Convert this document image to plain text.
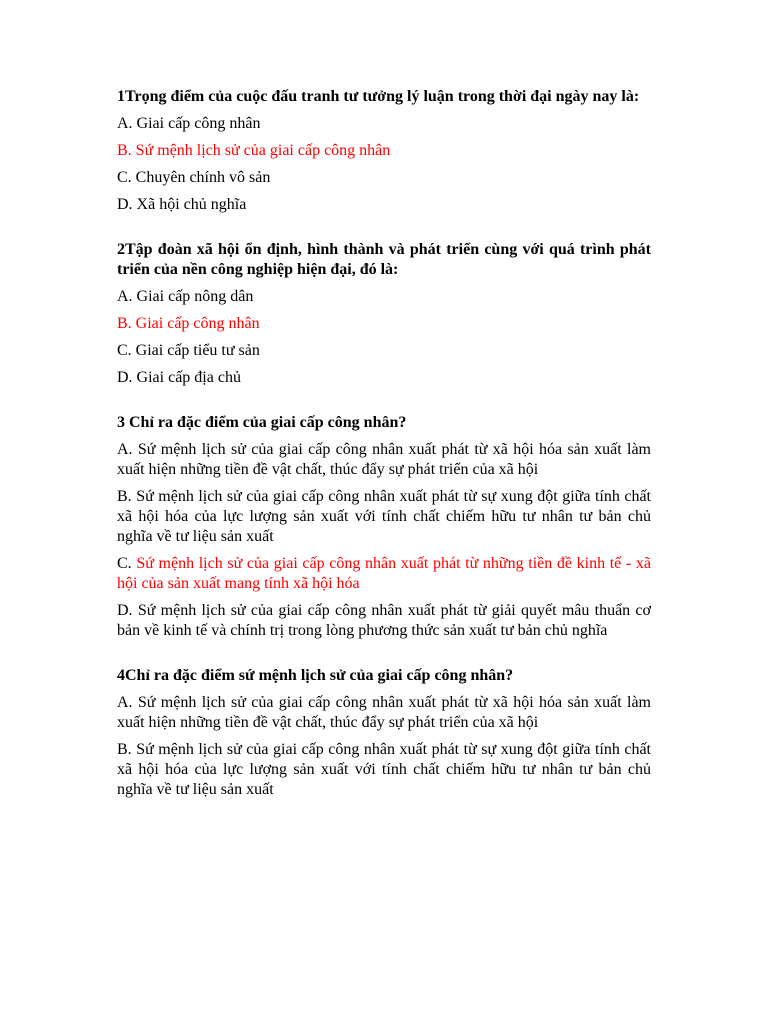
1Trọng điểm của cuộc đấu tranh tư tưởng lý luận trong thời đại ngày nay là:

A. Giai cấp công nhân

B. Sứ mệnh lịch sử của giai cấp công nhân

C. Chuyên chính vô sản

D. Xã hội chủ nghĩa

2Tập đoàn xã hội ổn định, hình thành và phát triển cùng với quá trình phát triển của nền công nghiệp hiện đại, đó là:

A. Giai cấp nông dân

B. Giai cấp công nhân

C. Giai cấp tiểu tư sản

D. Giai cấp địa chủ

3 Chỉ ra đặc điểm của giai cấp công nhân?

A. Sứ mệnh lịch sử của giai cấp công nhân xuất phát từ xã hội hóa sản xuất làm xuất hiện những tiền đề vật chất, thúc đẩy sự phát triển của xã hội

B. Sứ mệnh lịch sử của giai cấp công nhân xuất phát từ sự xung đột giữa tính chất xã hội hóa của lực lượng sản xuất với tính chất chiếm hữu tư nhân tư bản chủ nghĩa về tư liệu sản xuất

C. Sứ mệnh lịch sử của giai cấp công nhân xuất phát từ những tiền đề kinh tế - xã hội của sản xuất mang tính xã hội hóa

D. Sứ mệnh lịch sử của giai cấp công nhân xuất phát từ giải quyết mâu thuẩn cơ bản về kinh tế và chính trị trong lòng phương thức sản xuất tư bản chủ nghĩa

4Chỉ ra đặc điểm sứ mệnh lịch sử của giai cấp công nhân?

A. Sứ mệnh lịch sử của giai cấp công nhân xuất phát từ xã hội hóa sản xuất làm xuất hiện những tiền đề vật chất, thúc đẩy sự phát triển của xã hội

B. Sứ mệnh lịch sử của giai cấp công nhân xuất phát từ sự xung đột giữa tính chất xã hội hóa của lực lượng sản xuất với tính chất chiếm hữu tư nhân tư bản chủ nghĩa về tư liệu sản xuất
